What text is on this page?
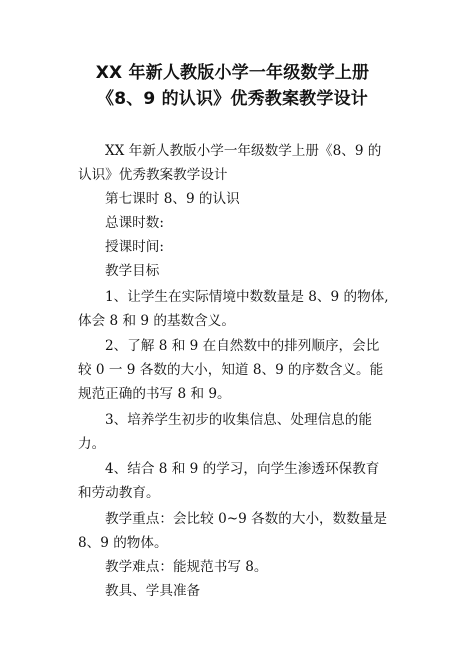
XX 年新人教版小学一年级数学上册
《8、9 的认识》优秀教案教学设计
XX 年新人教版小学一年级数学上册《8、9 的
认识》优秀教案教学设计
第七课时 8、9 的认识
总课时数:
授课时间:
教学目标
1、让学生在实际情境中数数量是 8、9 的物体,
体会 8 和 9 的基数含义。
2、了解 8 和 9 在自然数中的排列顺序，会比
较 0 一 9 各数的大小，知道 8、9 的序数含义。能
规范正确的书写 8 和 9。
3、培养学生初步的收集信息、处理信息的能
力。
4、结合 8 和 9 的学习，向学生渗透环保教育
和劳动教育。
教学重点：会比较 0~9 各数的大小，数数量是
8、9 的物体。
教学难点：能规范书写 8。
教具、学具准备
